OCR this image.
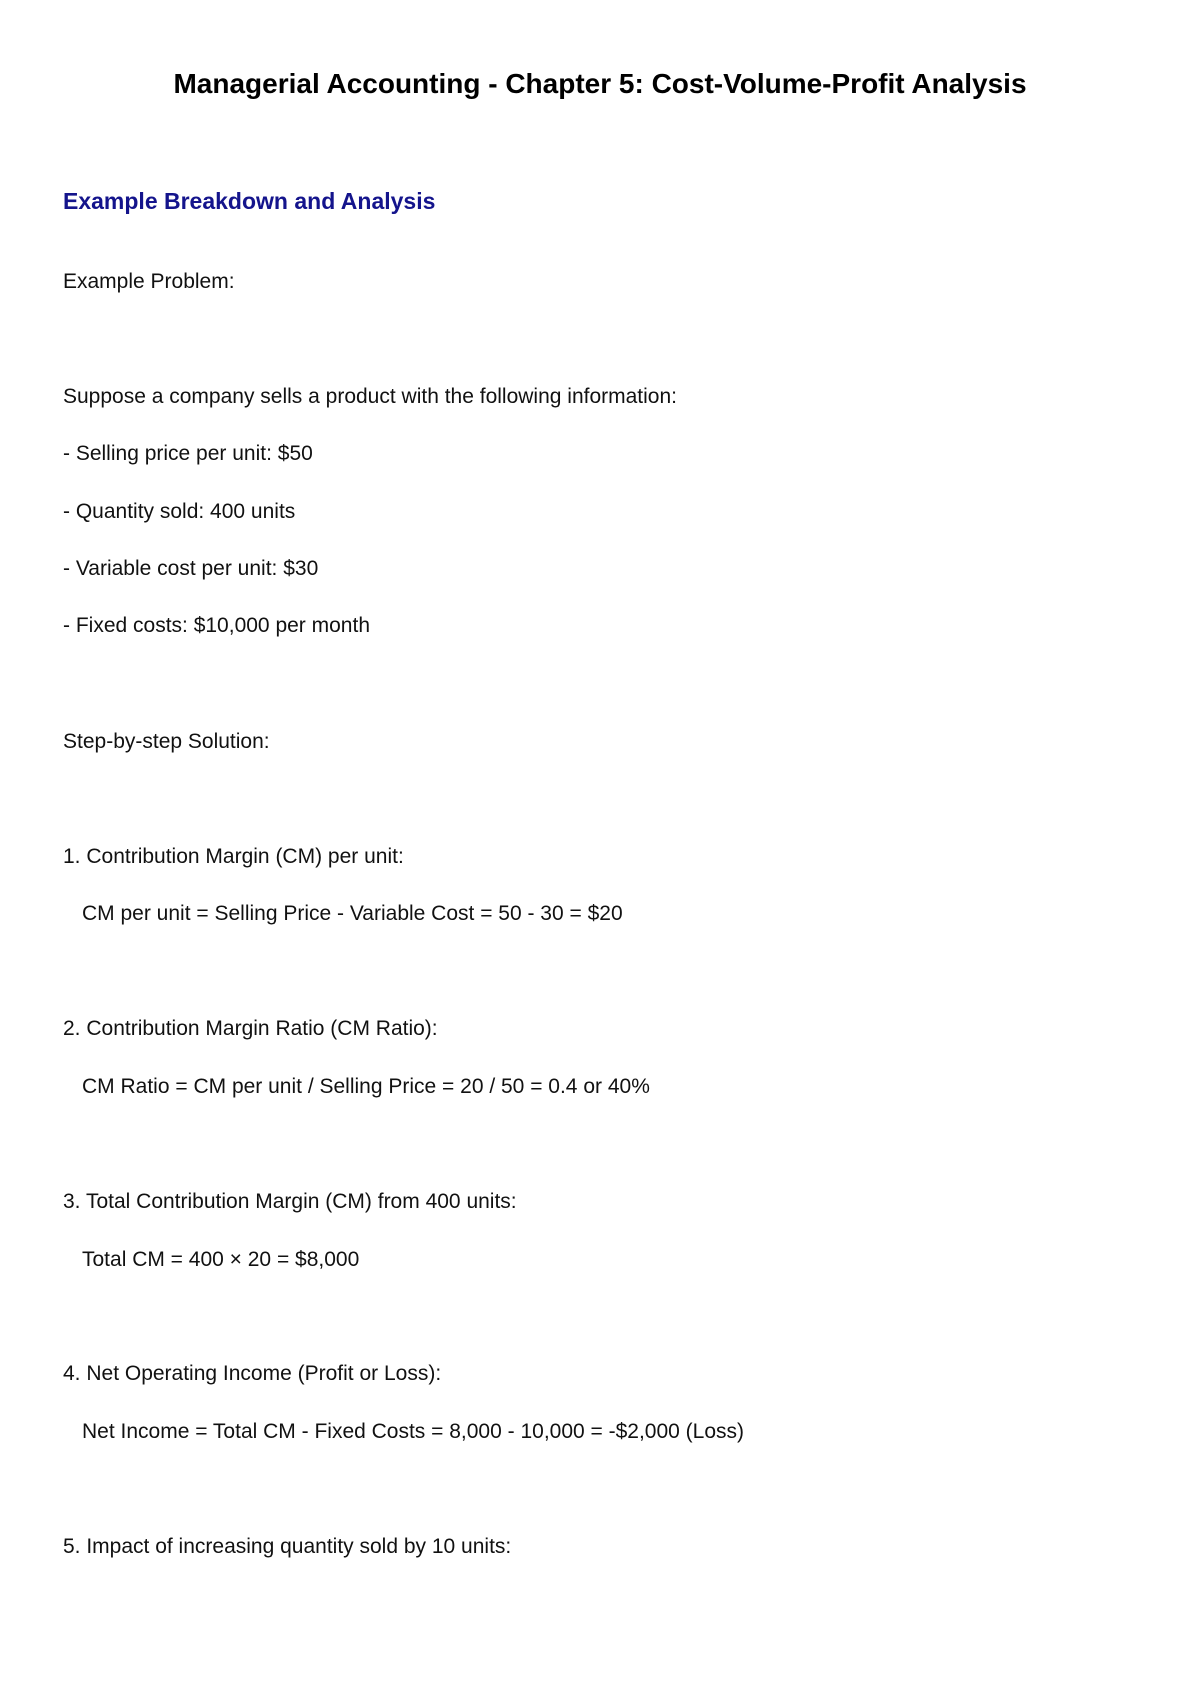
Managerial Accounting - Chapter 5: Cost-Volume-Profit Analysis
Example Breakdown and Analysis
Example Problem:
Suppose a company sells a product with the following information:
- Selling price per unit: $50
- Quantity sold: 400 units
- Variable cost per unit: $30
- Fixed costs: $10,000 per month
Step-by-step Solution:
1. Contribution Margin (CM) per unit:
CM per unit = Selling Price - Variable Cost = 50 - 30 = $20
2. Contribution Margin Ratio (CM Ratio):
CM Ratio = CM per unit / Selling Price = 20 / 50 = 0.4 or 40%
3. Total Contribution Margin (CM) from 400 units:
Total CM = 400 × 20 = $8,000
4. Net Operating Income (Profit or Loss):
Net Income = Total CM - Fixed Costs = 8,000 - 10,000 = -$2,000 (Loss)
5. Impact of increasing quantity sold by 10 units:
